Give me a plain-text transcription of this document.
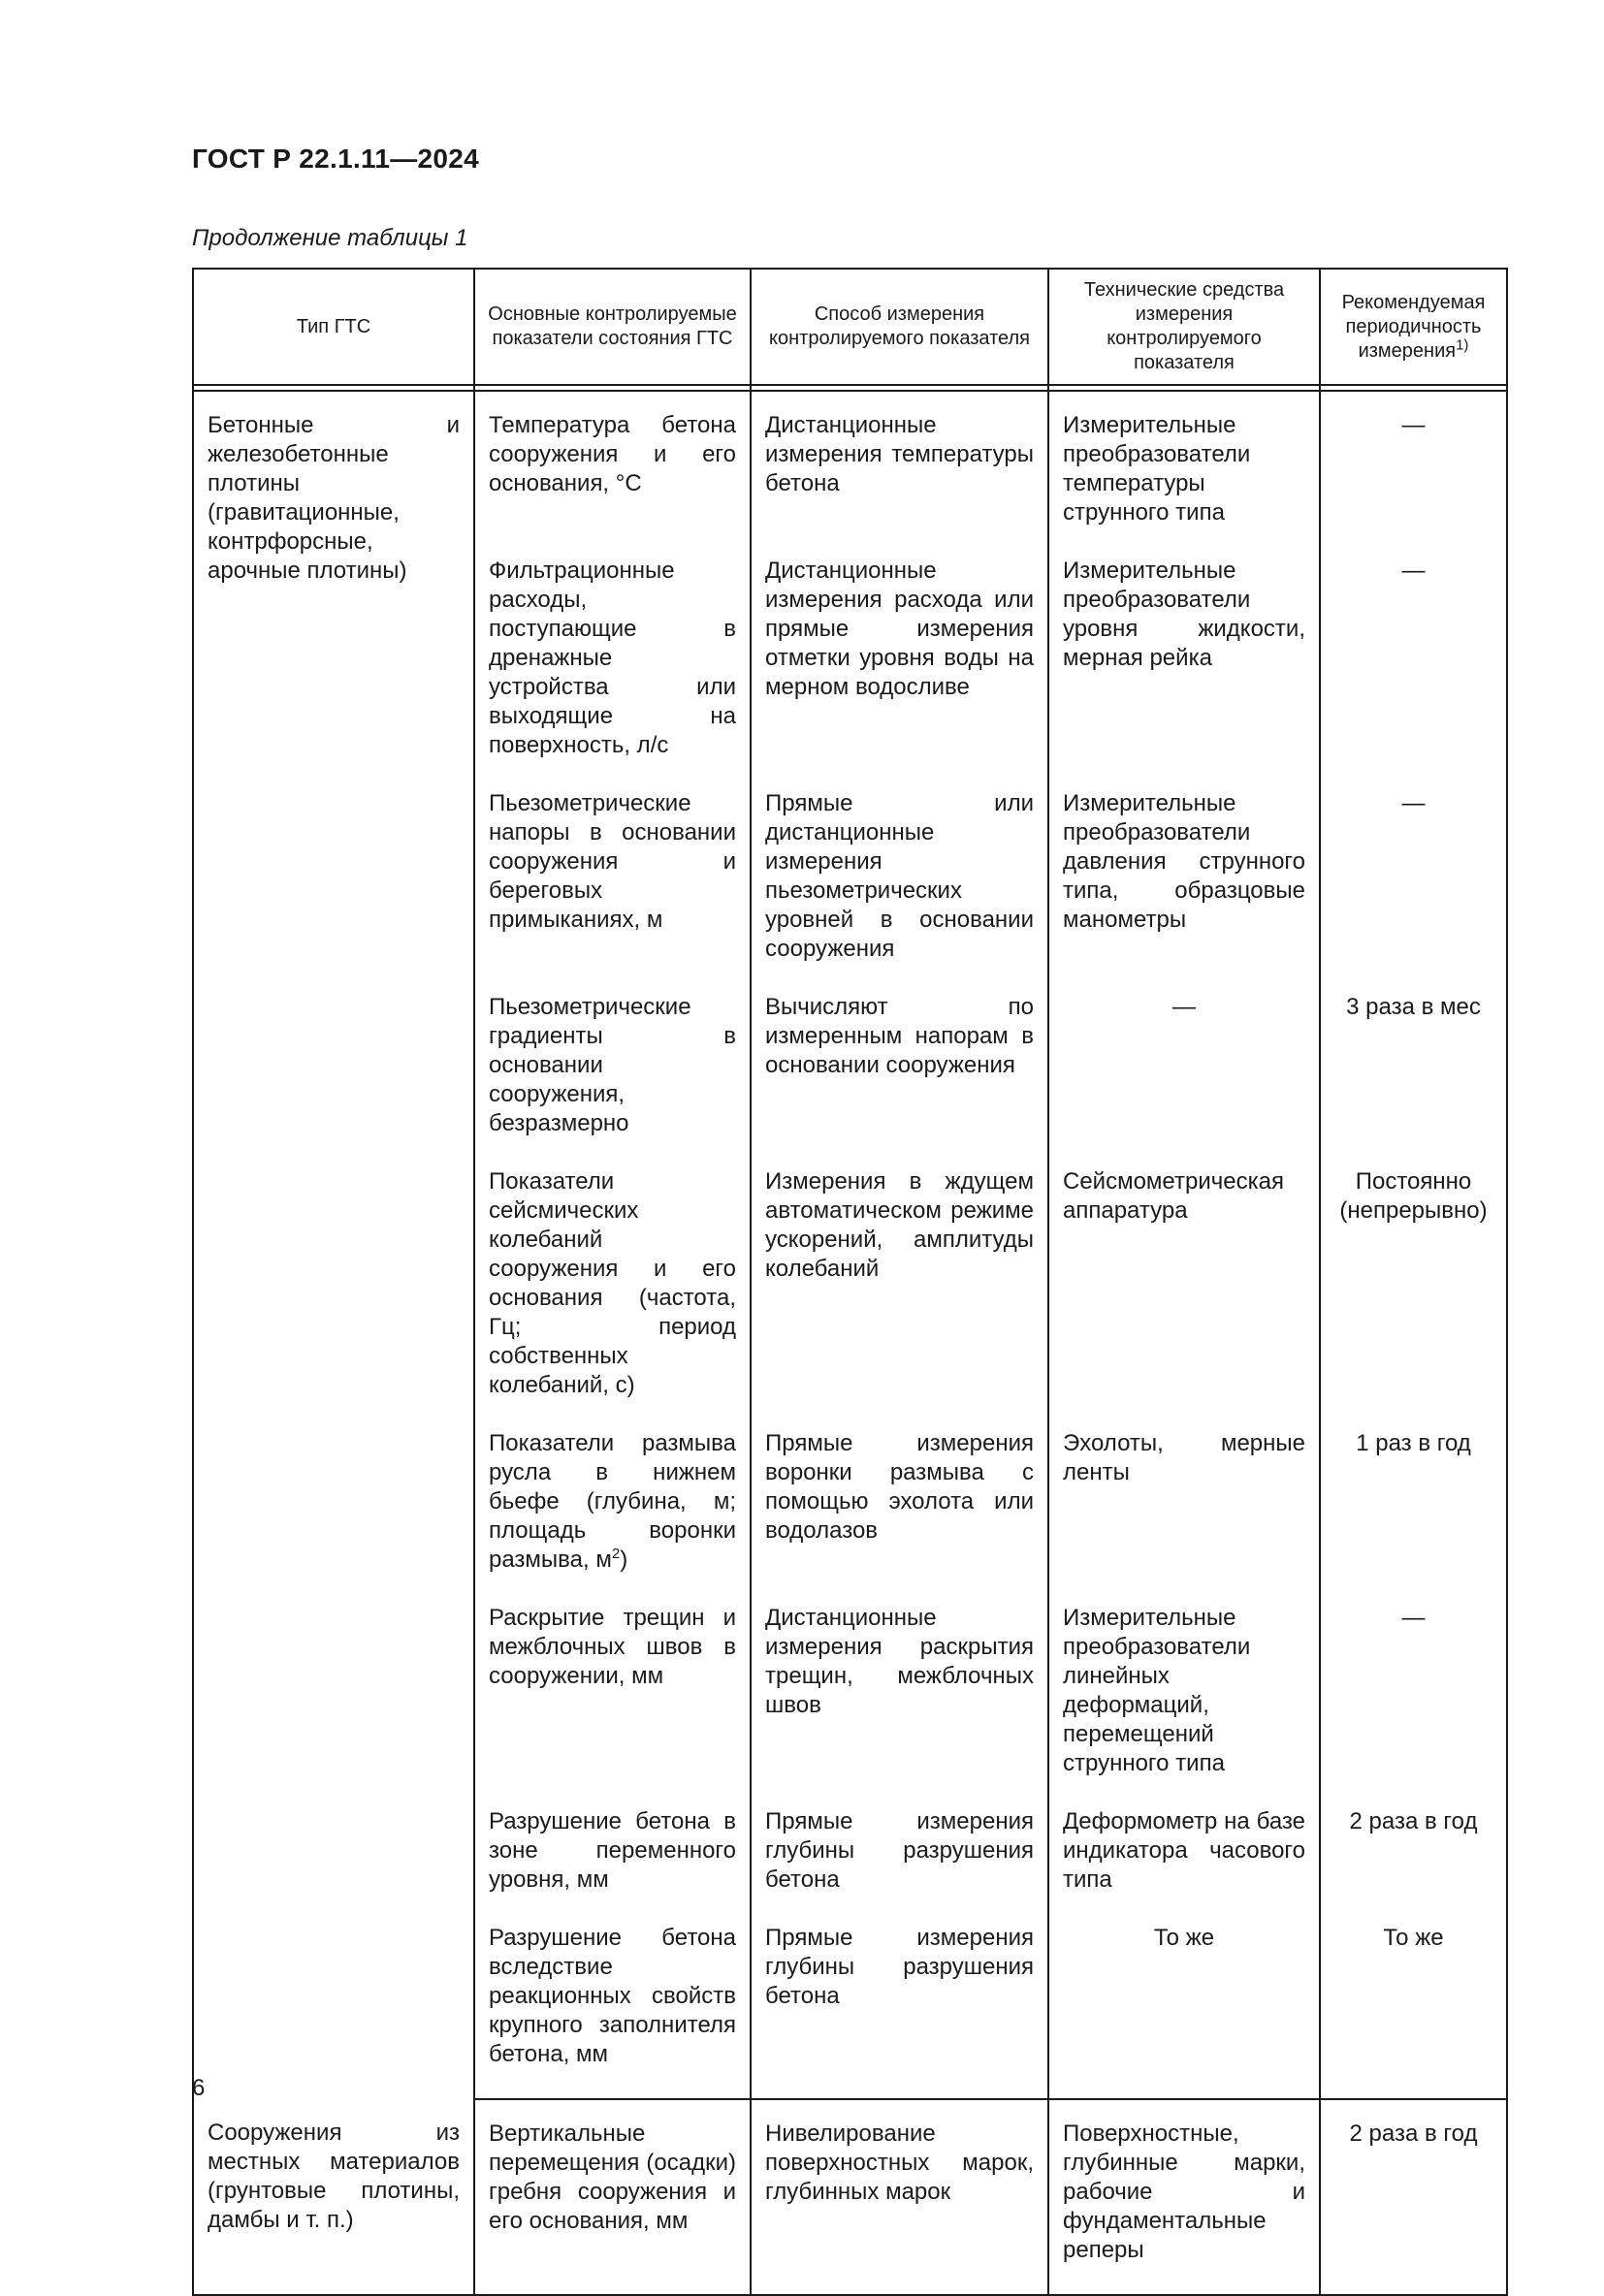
ГОСТ Р 22.1.11—2024
Продолжение таблицы 1
Тип ГТС	Основные контролируемые показатели состояния ГТС	Способ измерения контролируемого показателя	Технические средства измерения контролируемого показателя	Рекомендуемая периодичность измерения$^{1)}$

Бетонные и железобетонные плотины (гравитационные, контрфорсные, арочные плотины)	Температура бетона сооружения и его основания, °С	Дистанционные измерения температуры бетона	Измерительные преобразователи температуры струнного типа	—
	Фильтрационные расходы, поступающие в дренажные устройства или выходящие на поверхность, л/с	Дистанционные измерения расхода или прямые измерения отметки уровня воды на мерном водосливе	Измерительные преобразователи уровня жидкости, мерная рейка	—
	Пьезометрические напоры в основании сооружения и береговых примыканиях, м	Прямые или дистанционные измерения пьезометрических уровней в основании сооружения	Измерительные преобразователи давления струнного типа, образцовые манометры	—
	Пьезометрические градиенты в основании сооружения, безразмерно	Вычисляют по измеренным напорам в основании сооружения	—	3 раза в мес
	Показатели сейсмических колебаний сооружения и его основания (частота, Гц; период собственных колебаний, с)	Измерения в ждущем автоматическом режиме ускорений, амплитуды колебаний	Сейсмометрическая аппаратура	Постоянно (непрерывно)
	Показатели размыва русла в нижнем бьефе (глубина, м; площадь воронки размыва, $м^2$)	Прямые измерения воронки размыва с помощью эхолота или водолазов	Эхолоты, мерные ленты	1 раз в год
	Раскрытие трещин и межблочных швов в сооружении, мм	Дистанционные измерения раскрытия трещин, межблочных швов	Измерительные преобразователи линейных деформаций, перемещений струнного типа	—
	Разрушение бетона в зоне переменного уровня, мм	Прямые измерения глубины разрушения бетона	Деформометр на базе индикатора часового типа	2 раза в год
	Разрушение бетона вследствие реакционных свойств крупного заполнителя бетона, мм	Прямые измерения глубины разрушения бетона	То же	То же
Сооружения из местных материалов (грунтовые плотины, дамбы и т. п.)	Вертикальные перемещения (осадки) гребня сооружения и его основания, мм	Нивелирование поверхностных марок, глубинных марок	Поверхностные, глубинные марки, рабочие и фундаментальные реперы	2 раза в год
6
